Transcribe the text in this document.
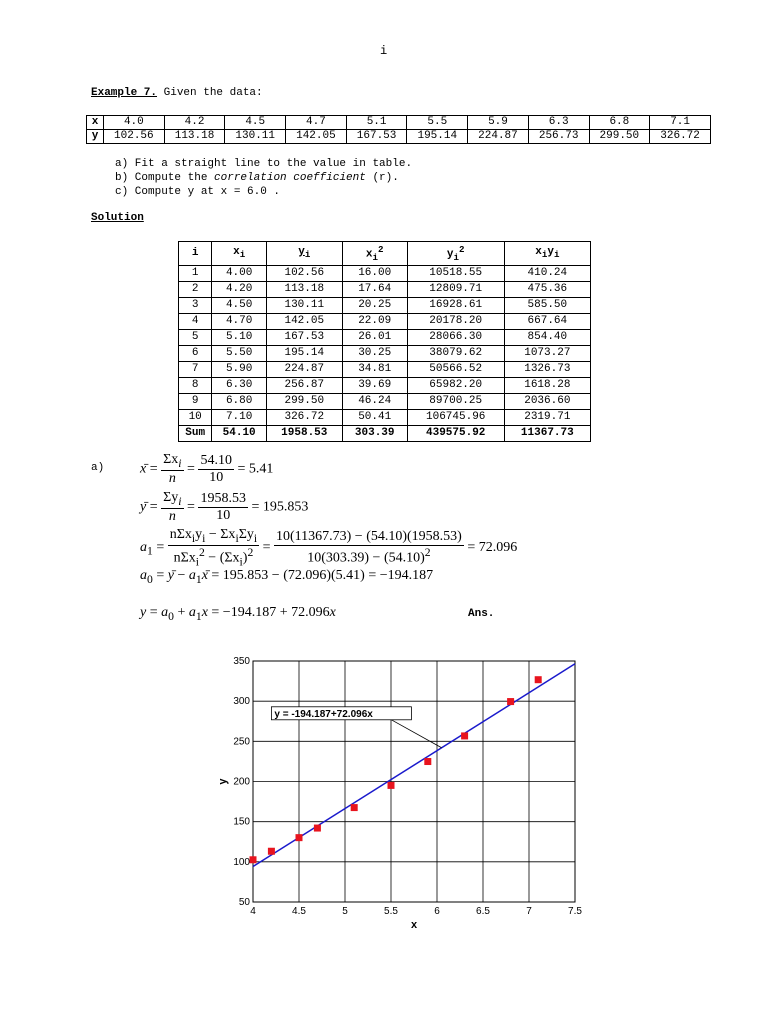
i
Example 7. Given the data:
x	4.0	4.2	4.5	4.7	5.1	5.5	5.9	6.3	6.8	7.1
y	102.56	113.18	130.11	142.05	167.53	195.14	224.87	256.73	299.50	326.72
a) Fit a straight line to the value in table.
b) Compute the correlation coefficient (r).
c) Compute y at x = 6.0 .
Solution
i	$x_i$	$y_i$	$x_i^2$	$y_i^2$	$x_iy_i$
1	4.00	102.56	16.00	10518.55	410.24
2	4.20	113.18	17.64	12809.71	475.36
3	4.50	130.11	20.25	16928.61	585.50
4	4.70	142.05	22.09	20178.20	667.64
5	5.10	167.53	26.01	28066.30	854.40
6	5.50	195.14	30.25	38079.62	1073.27
7	5.90	224.87	34.81	50566.52	1326.73
8	6.30	256.87	39.69	65982.20	1618.28
9	6.80	299.50	46.24	89700.25	2036.60
10	7.10	326.72	50.41	106745.96	2319.71
Sum	54.10	1958.53	303.39	439575.92	11367.73
a)	x̄ = $\frac{\Sigma x_i}{n} = \frac{54.10}{10} = 5.41$
ȳ = $\frac{\Sigma y_i}{n} = \frac{1958.53}{10} = 195.853$
$a_1 = \frac{n\Sigma x_iy_i - \Sigma x_i\Sigma y_i}{n\Sigma x_i^2 - (\Sigma x_i)^2} = \frac{10(11367.73) - (54.10)(1958.53)}{10(303.39) - (54.10)^2} = 72.096$
$a_0$ = ȳ − $a_1x̄ = 195.853 - (72.096)(5.41) = -194.187$
$y = a_0 + a_1x = -194.187 + 72.096x$	Ans.
4	4.5	5	5.5	6	6.5	7	7.5
50
100
150
200
250
300
350
y = -194.187+72.096x
x
y
